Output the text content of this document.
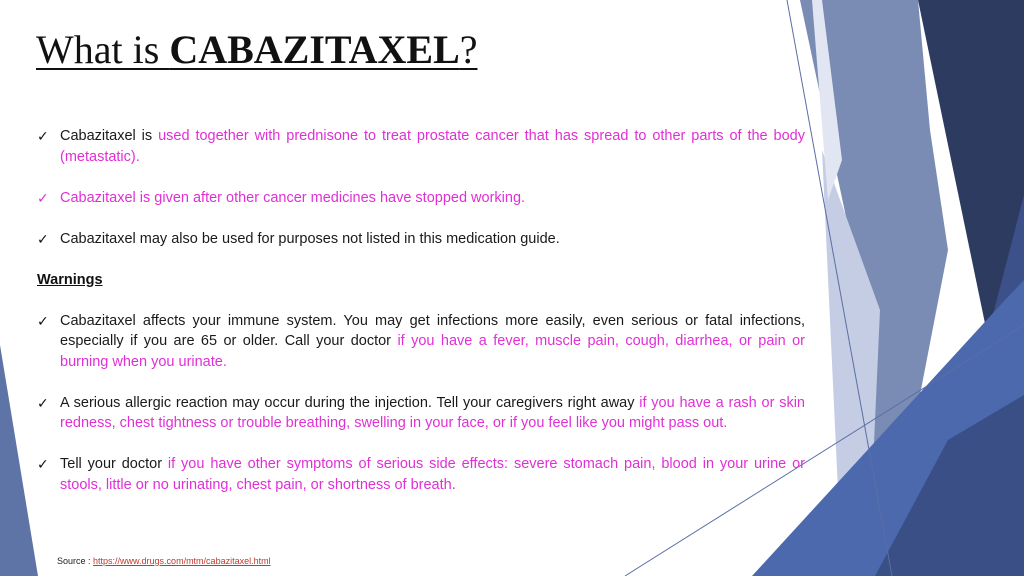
What is CABAZITAXEL?
✓ Cabazitaxel is used together with prednisone to treat prostate cancer that has spread to other parts of the body (metastatic).
✓ Cabazitaxel is given after other cancer medicines have stopped working.
✓ Cabazitaxel may also be used for purposes not listed in this medication guide.
Warnings
✓ Cabazitaxel affects your immune system. You may get infections more easily, even serious or fatal infections, especially if you are 65 or older. Call your doctor if you have a fever, muscle pain, cough, diarrhea, or pain or burning when you urinate.
✓ A serious allergic reaction may occur during the injection. Tell your caregivers right away if you have a rash or skin redness, chest tightness or trouble breathing, swelling in your face, or if you feel like you might pass out.
✓ Tell your doctor if you have other symptoms of serious side effects: severe stomach pain, blood in your urine or stools, little or no urinating, chest pain, or shortness of breath.
Source : https://www.drugs.com/mtm/cabazitaxel.html
